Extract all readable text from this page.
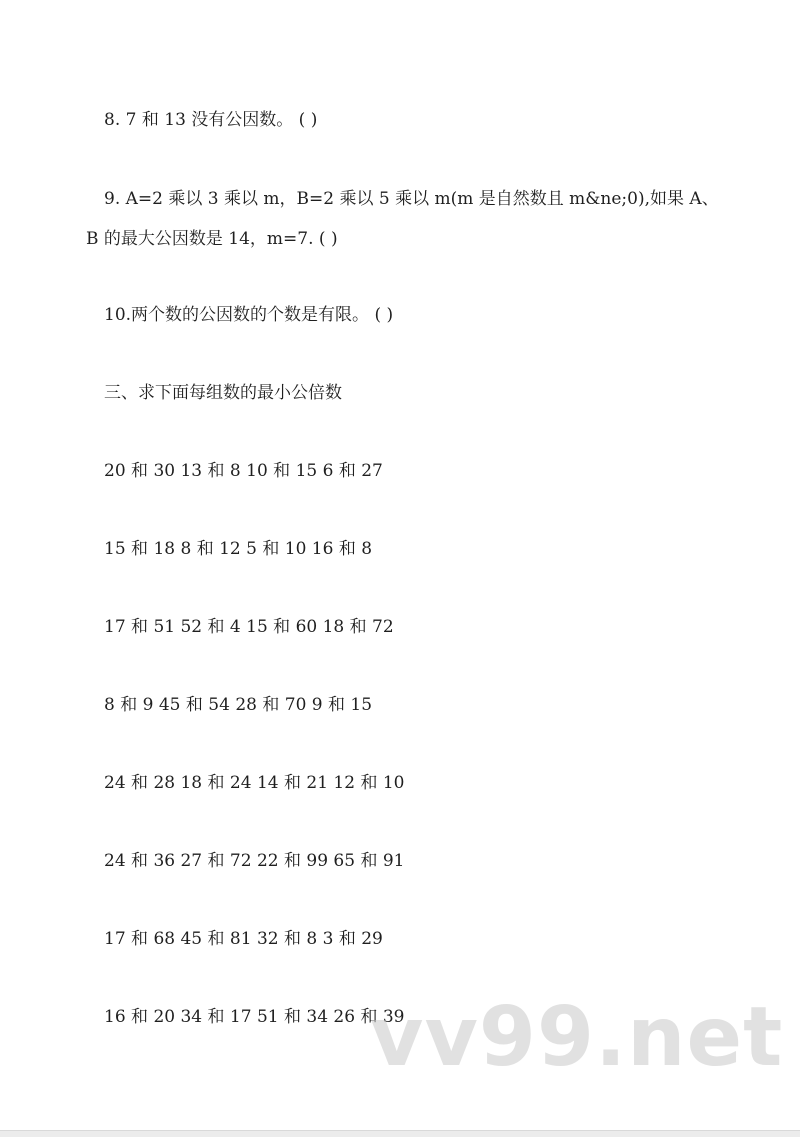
8. 7 和 13 没有公因数。 ( )
9. A=2 乘以 3 乘以 m，B=2 乘以 5 乘以 m(m 是自然数且 m&ne;0),如果 A、
B 的最大公因数是 14，m=7. ( )
10.两个数的公因数的个数是有限。 ( )
三、求下面每组数的最小公倍数
20 和 30 13 和 8 10 和 15 6 和 27
15 和 18 8 和 12 5 和 10 16 和 8
17 和 51 52 和 4 15 和 60 18 和 72
8 和 9 45 和 54 28 和 70 9 和 15
24 和 28 18 和 24 14 和 21 12 和 10
24 和 36 27 和 72 22 和 99 65 和 91
17 和 68 45 和 81 32 和 8 3 和 29
16 和 20 34 和 17 51 和 34 26 和 39
vv99.net
